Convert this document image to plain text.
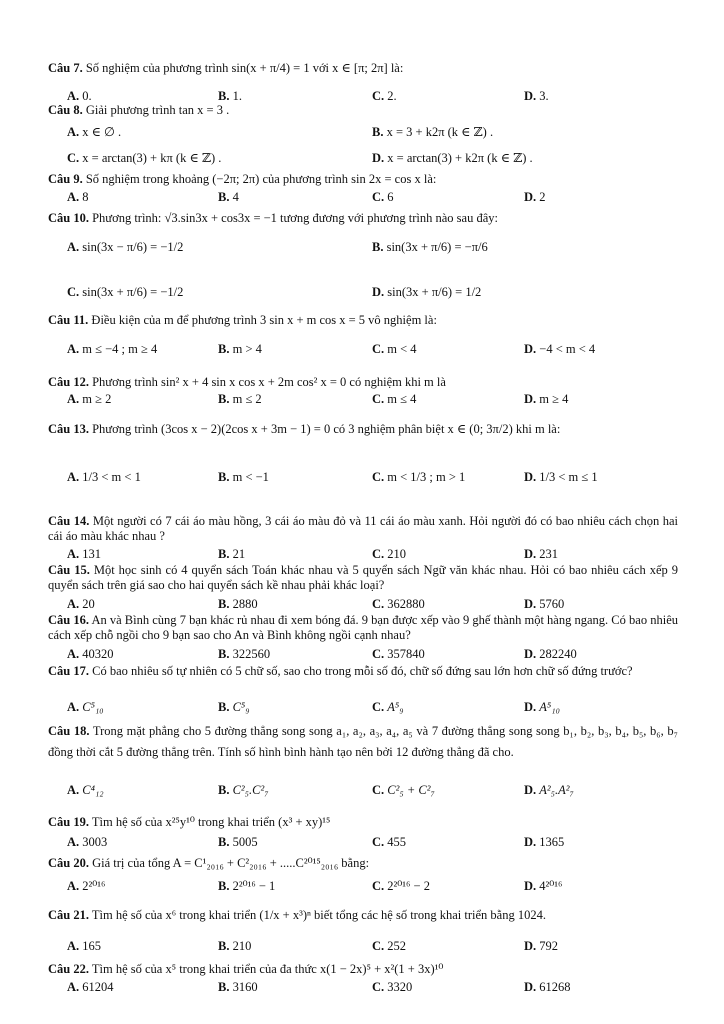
Câu 7. Số nghiệm của phương trình sin(x + π/4) = 1 với x ∈ [π; 2π] là:
A. 0.	B. 1.	C. 2.	D. 3.
Câu 8. Giải phương trình tan x = 3 .
A. x ∈ ∅ .	B. x = 3 + k2π (k ∈ ℤ) .
C. x = arctan(3) + kπ (k ∈ ℤ) .	D. x = arctan(3) + k2π (k ∈ ℤ) .
Câu 9. Số nghiệm trong khoảng (−2π; 2π) của phương trình sin 2x = cos x là:
A. 8	B. 4	C. 6	D. 2
Câu 10. Phương trình: √3.sin3x + cos3x = −1 tương đương với phương trình nào sau đây:
A. sin(3x − π/6) = −1/2	B. sin(3x + π/6) = −π/6
C. sin(3x + π/6) = −1/2	D. sin(3x + π/6) = 1/2
Câu 11. Điều kiện của m để phương trình 3 sin x + m cos x = 5 vô nghiệm là:
A. m ≤ −4 ; m ≥ 4	B. m > 4	C. m < 4	D. −4 < m < 4
Câu 12. Phương trình sin² x + 4 sin x cos x + 2m cos² x = 0 có nghiệm khi m là
A. m ≥ 2	B. m ≤ 2	C. m ≤ 4	D. m ≥ 4
Câu 13. Phương trình (3cos x − 2)(2cos x + 3m − 1) = 0 có 3 nghiệm phân biệt x ∈ (0; 3π/2) khi m là:
A. 1/3 < m < 1	B. m < −1	C. m < 1/3 ; m > 1	D. 1/3 < m ≤ 1
Câu 14. Một người có 7 cái áo màu hồng, 3 cái áo màu đỏ và 11 cái áo màu xanh. Hỏi người đó có bao nhiêu cách chọn hai cái áo màu khác nhau ?
A. 131	B. 21	C. 210	D. 231
Câu 15. Một học sinh có 4 quyển sách Toán khác nhau và 5 quyển sách Ngữ văn khác nhau. Hỏi có bao nhiêu cách xếp 9 quyển sách trên giá sao cho hai quyển sách kề nhau phải khác loại?
A. 20	B. 2880	C. 362880	D. 5760
Câu 16. An và Bình cùng 7 bạn khác rủ nhau đi xem bóng đá. 9 bạn được xếp vào 9 ghế thành một hàng ngang. Có bao nhiêu cách xếp chỗ ngồi cho 9 bạn sao cho An và Bình không ngồi cạnh nhau?
A. 40320	B. 322560	C. 357840	D. 282240
Câu 17. Có bao nhiêu số tự nhiên có 5 chữ số, sao cho trong mỗi số đó, chữ số đứng sau lớn hơn chữ số đứng trước?
A. C⁵₁₀	B. C⁵₉	C. A⁵₉	D. A⁵₁₀
Câu 18. Trong mặt phẳng cho 5 đường thẳng song song a₁, a₂, a₃, a₄, a₅ và 7 đường thẳng song song b₁, b₂, b₃, b₄, b₅, b₆, b₇ đồng thời cắt 5 đường thẳng trên. Tính số hình bình hành tạo nên bởi 12 đường thẳng đã cho.
A. C⁴₁₂	B. C²₅.C²₇	C. C²₅ + C²₇	D. A²₅.A²₇
Câu 19. Tìm hệ số của x²⁵y¹⁰ trong khai triển (x³ + xy)¹⁵
A. 3003	B. 5005	C. 455	D. 1365
Câu 20. Giá trị của tổng A = C¹₂₀₁₆ + C²₂₀₁₆ + .....C²⁰¹⁵₂₀₁₆ bằng:
A. 2²⁰¹⁶	B. 2²⁰¹⁶ − 1	C. 2²⁰¹⁶ − 2	D. 4²⁰¹⁶
Câu 21. Tìm hệ số của x⁶ trong khai triển (1/x + x³)ⁿ biết tổng các hệ số trong khai triển bằng 1024.
A. 165	B. 210	C. 252	D. 792
Câu 22. Tìm hệ số của x⁵ trong khai triển của đa thức x(1 − 2x)⁵ + x²(1 + 3x)¹⁰
A. 61204	B. 3160	C. 3320	D. 61268
